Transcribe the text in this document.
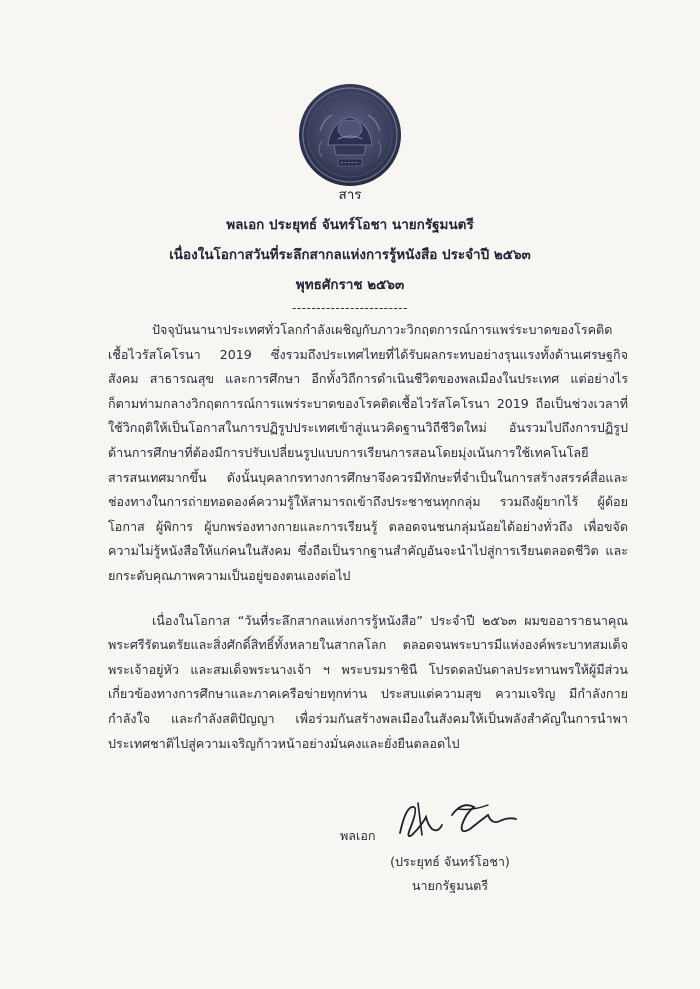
สาร
พลเอก ประยุทธ์ จันทร์โอชา นายกรัฐมนตรี
เนื่องในโอกาสวันที่ระลึกสากลแห่งการรู้หนังสือ ประจำปี ๒๕๖๓
พุทธศักราช ๒๕๖๓
------------------------

ปัจจุบันนานาประเทศทั่วโลกกำลังเผชิญกับภาวะวิกฤตการณ์การแพร่ระบาดของโรคติดเชื้อไวรัสโคโรนา 2019 ซึ่งรวมถึงประเทศไทยที่ได้รับผลกระทบอย่างรุนแรงทั้งด้านเศรษฐกิจ สังคม สาธารณสุข และการศึกษา อีกทั้งวิถีการดำเนินชีวิตของพลเมืองในประเทศ แต่อย่างไรก็ตามท่ามกลางวิกฤตการณ์การแพร่ระบาดของโรคติดเชื้อไวรัสโคโรนา 2019 ถือเป็นช่วงเวลาที่ใช้วิกฤติให้เป็นโอกาสในการปฏิรูปประเทศเข้าสู่แนวคิดฐานวิถีชีวิตใหม่ อันรวมไปถึงการปฏิรูปด้านการศึกษาที่ต้องมีการปรับเปลี่ยนรูปแบบการเรียนการสอนโดยมุ่งเน้นการใช้เทคโนโลยีสารสนเทศมากขึ้น ดังนั้นบุคลากรทางการศึกษาจึงควรมีทักษะที่จำเป็นในการสร้างสรรค์สื่อและช่องทางในการถ่ายทอดองค์ความรู้ให้สามารถเข้าถึงประชาชนทุกกลุ่ม รวมถึงผู้ยากไร้ ผู้ด้อยโอกาส ผู้พิการ ผู้บกพร่องทางกายและการเรียนรู้ ตลอดจนชนกลุ่มน้อยได้อย่างทั่วถึง เพื่อขจัดความไม่รู้หนังสือให้แก่คนในสังคม ซึ่งถือเป็นรากฐานสำคัญอันจะนำไปสู่การเรียนตลอดชีวิต และยกระดับคุณภาพความเป็นอยู่ของตนเองต่อไป

เนื่องในโอกาส “วันที่ระลึกสากลแห่งการรู้หนังสือ” ประจำปี ๒๕๖๓ ผมขออาราธนาคุณพระศรีรัตนตรัยและสิ่งศักดิ์สิทธิ์ทั้งหลายในสากลโลก ตลอดจนพระบารมีแห่งองค์พระบาทสมเด็จพระเจ้าอยู่หัว และสมเด็จพระนางเจ้า ฯ พระบรมราชินี โปรดดลบันดาลประทานพรให้ผู้มีส่วนเกี่ยวข้องทางการศึกษาและภาคเครือข่ายทุกท่าน ประสบแต่ความสุข ความเจริญ มีกำลังกาย กำลังใจ และกำลังสติปัญญา เพื่อร่วมกันสร้างพลเมืองในสังคมให้เป็นพลังสำคัญในการนำพาประเทศชาติไปสู่ความเจริญก้าวหน้าอย่างมั่นคงและยั่งยืนตลอดไป

พลเอก
(ประยุทธ์ จันทร์โอชา)
นายกรัฐมนตรี
